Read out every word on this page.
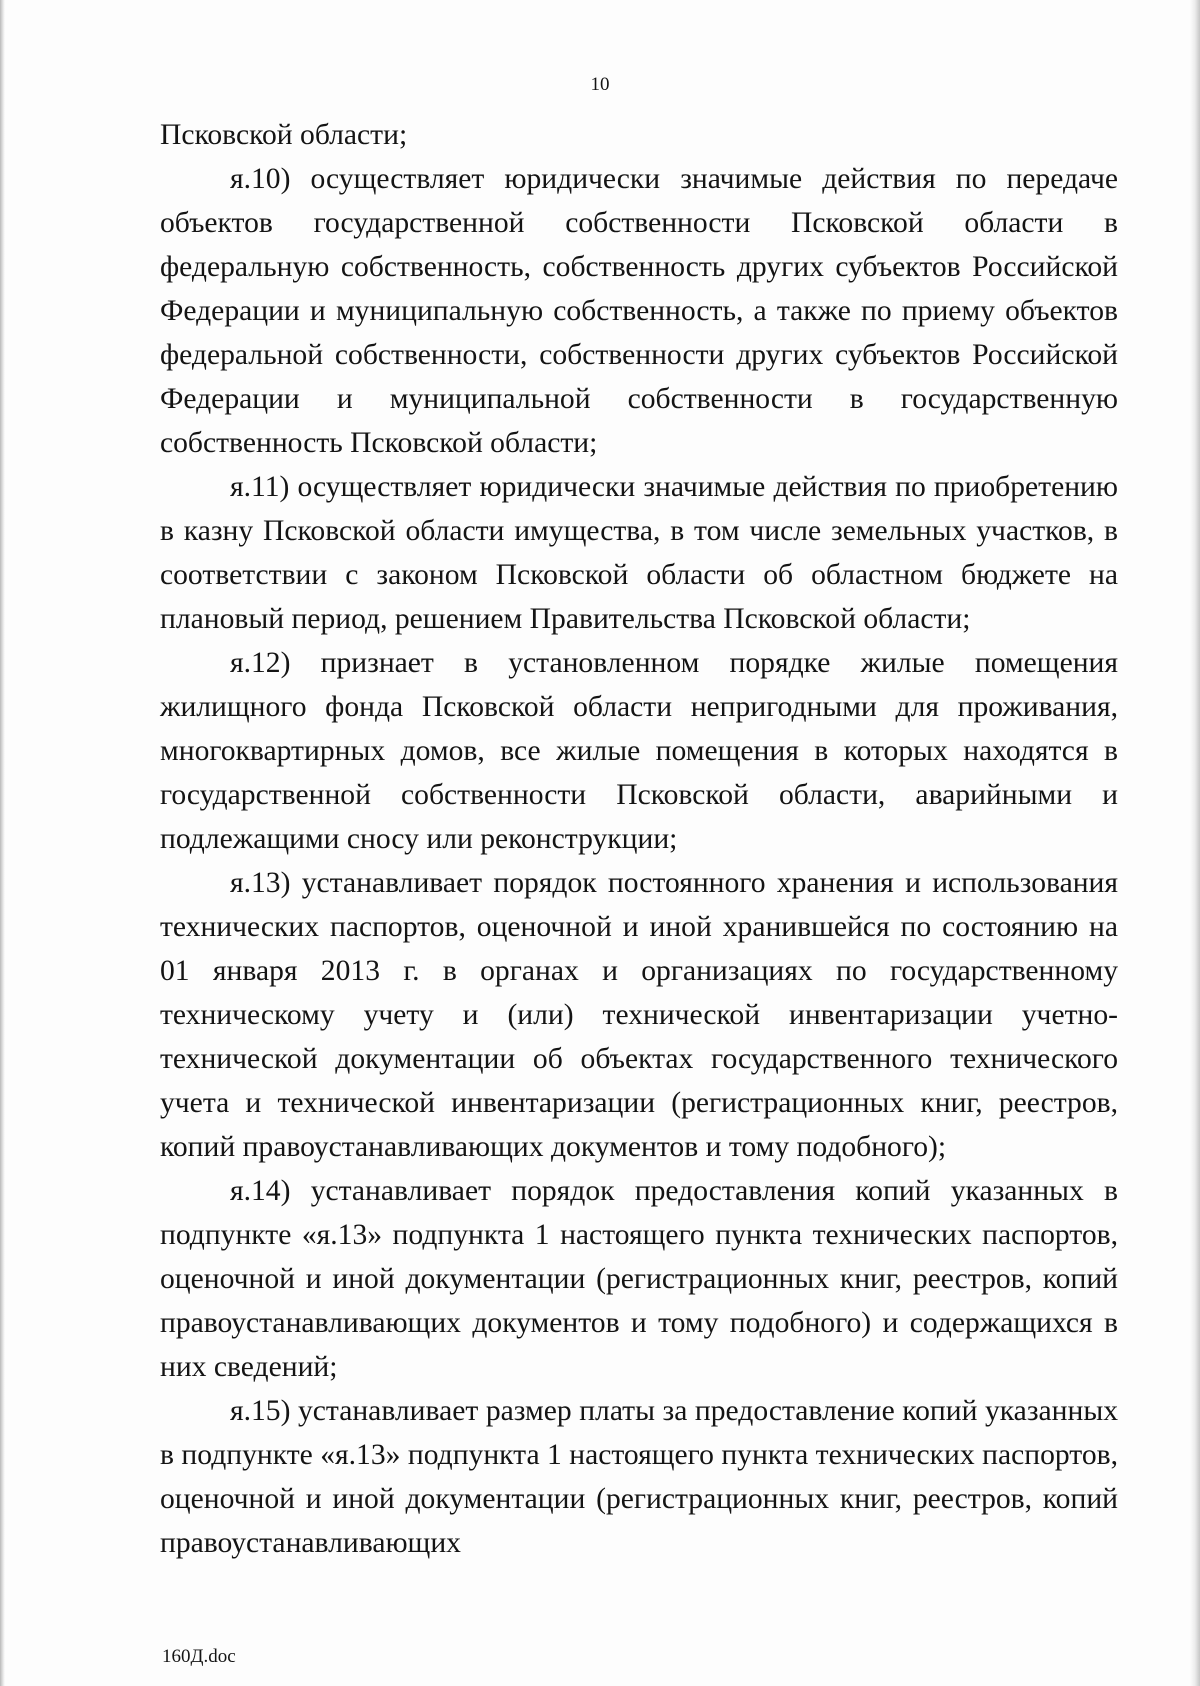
10

Псковской области;

я.10) осуществляет юридически значимые действия по передаче объектов государственной собственности Псковской области в федеральную собственность, собственность других субъектов Российской Федерации и муниципальную собственность, а также по приему объектов федеральной собственности, собственности других субъектов Российской Федерации и муниципальной собственности в государственную собственность Псковской области;

я.11) осуществляет юридически значимые действия по приобретению в казну Псковской области имущества, в том числе земельных участков, в соответствии с законом Псковской области об областном бюджете на плановый период, решением Правительства Псковской области;

я.12) признает в установленном порядке жилые помещения жилищного фонда Псковской области непригодными для проживания, многоквартирных домов, все жилые помещения в которых находятся в государственной собственности Псковской области, аварийными и подлежащими сносу или реконструкции;

я.13) устанавливает порядок постоянного хранения и использования технических паспортов, оценочной и иной хранившейся по состоянию на 01 января 2013 г. в органах и организациях по государственному техническому учету и (или) технической инвентаризации учетно-технической документации об объектах государственного технического учета и технической инвентаризации (регистрационных книг, реестров, копий правоустанавливающих документов и тому подобного);

я.14) устанавливает порядок предоставления копий указанных в подпункте «я.13» подпункта 1 настоящего пункта технических паспортов, оценочной и иной документации (регистрационных книг, реестров, копий правоустанавливающих документов и тому подобного) и содержащихся в них сведений;

я.15) устанавливает размер платы за предоставление копий указанных в подпункте «я.13» подпункта 1 настоящего пункта технических паспортов, оценочной и иной документации (регистрационных книг, реестров, копий правоустанавливающих

160Д.doc
